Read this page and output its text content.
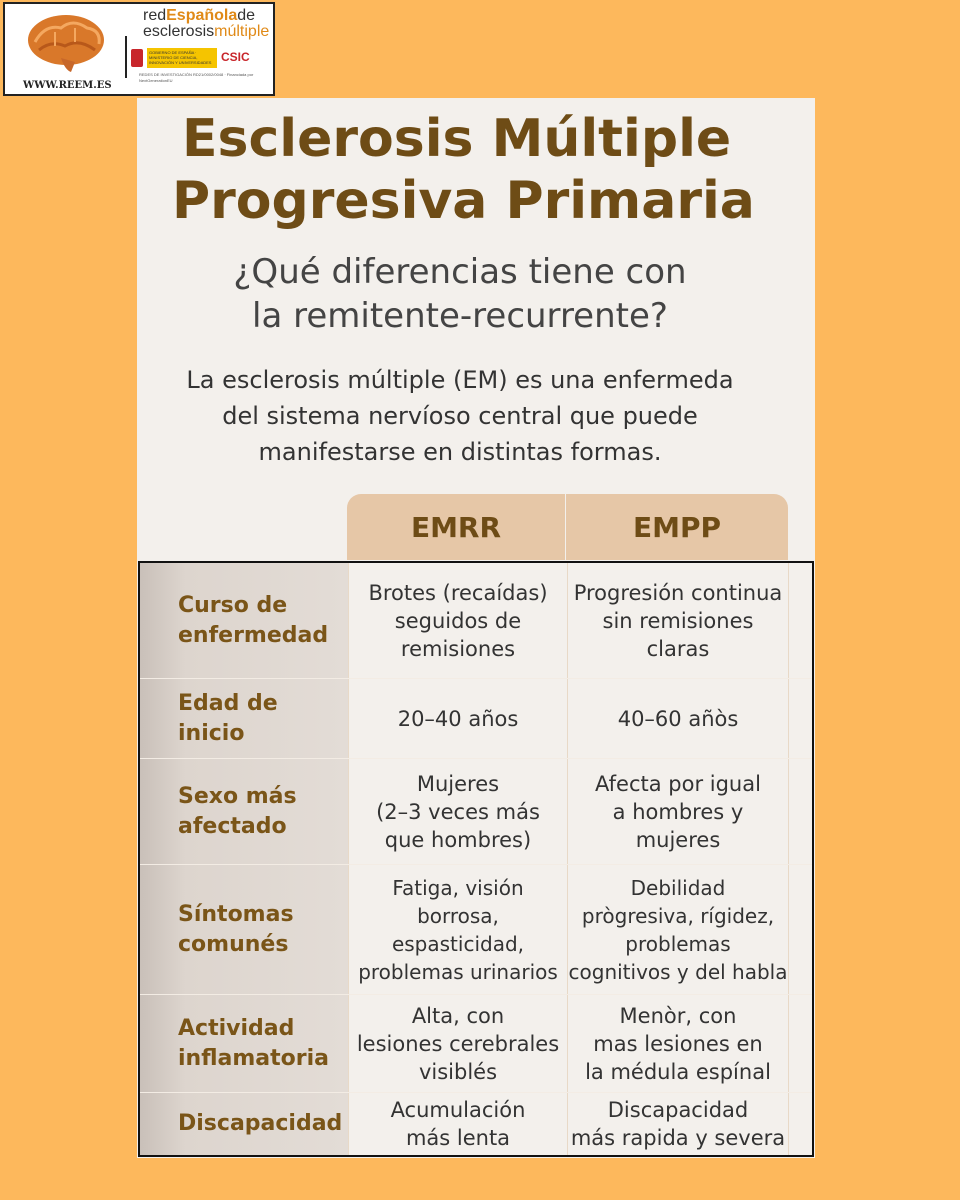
redEspañolade
esclerosismúltiple
GOBIERNO DE ESPAÑA · MINISTERIO DE CIENCIA, INNOVACIÓN Y UNIVERSIDADES CSIC
REDES DE INVESTIGACIÓN RD21/0002/0048 · Financiada por NextGenerationEU
WWW.REEM.ES
Esclerosis Múltiple
Progresiva Primaria

¿Qué diferencias tiene con
la remitente-recurrente?

La esclerosis múltiple (EM) es una enfermeda
del sistema nervíoso central que puede
manifestarse en distintas formas.

EMRR	EMPP
Curso de
enfermedad
Brotes (recaídas)
seguidos de
remisiones
Progresión continua
sin remisiones
claras
Edad de
inicio
20–40 años	40–60 añòs
Sexo más
afectado
Mujeres
(2–3 veces más
que hombres)
Afecta por igual
a hombres y
mujeres
Síntomas
comunés
Fatiga, visión
borrosa,
espasticidad,
problemas urinarios
Debilidad
prògresiva, rígidez,
problemas
cognitivos y del habla
Actividad
inflamatoria
Alta, con
lesiones cerebrales
visiblés
Menòr, con
mas lesiones en
la médula espínal
Discapacidad
Acumulación
más lenta
Discapacidad
más rapida y severa
